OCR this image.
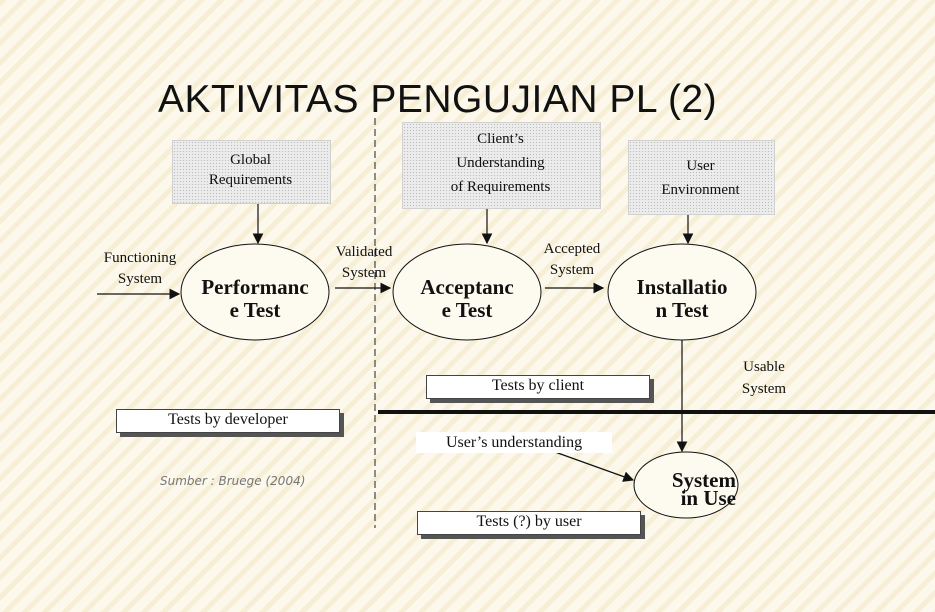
AKTIVITAS PENGUJIAN PL (2)
Global
Requirements
Client’s
Understanding
of Requirements
User
Environment
Functioning
System
Validated
System
Accepted
System
Usable
System
Performanc
e Test
Acceptanc
e Test
Installatio
n Test
System
in Use
Tests by developer
Tests by client
Tests (?) by user
User’s understanding
Sumber : Bruege (2004)
